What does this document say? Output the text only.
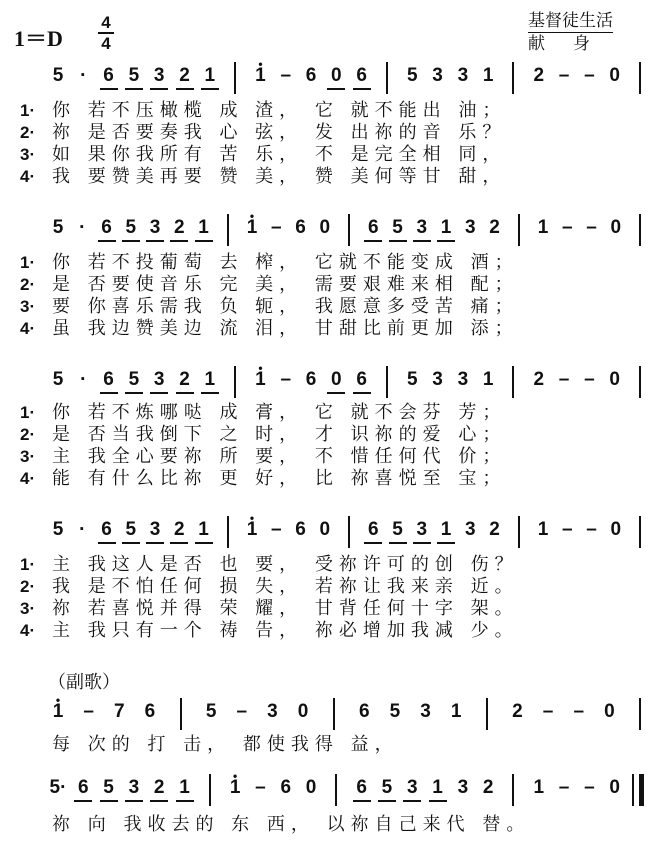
1＝D
4
4
基督徒生活
献身
5 · 6 5 3 2 1 • 1 – 6 0 6 5 3 3 1 2 – – 0
1· 你 若不压橄榄 成 渣， 它 就不能出 油；
2· 祢 是否要奏我 心 弦， 发 出祢的音 乐？
3· 如 果你我所有 苦 乐， 不 是完全相 同，
4· 我 要赞美再要 赞 美， 赞 美何等甘 甜，
5 · 6 5 3 2 1 • 1 – 6 0 6 5 3 1 3 2 1 – – 0
1· 你 若不投葡萄 去 榨， 它就不能变成 酒；
2· 是 否要使音乐 完 美， 需要艰难来相 配；
3· 要 你喜乐需我 负 轭， 我愿意多受苦 痛；
4· 虽 我边赞美边 流 泪， 甘甜比前更加 添；
5 · 6 5 3 2 1 • 1 – 6 0 6 5 3 3 1 2 – – 0
1· 你 若不炼哪哒 成 膏， 它 就不会芬 芳；
2· 是 否当我倒下 之 时， 才 识祢的爱 心；
3· 主 我全心要祢 所 要， 不 惜任何代 价；
4· 能 有什么比祢 更 好， 比 祢喜悦至 宝；
5 · 6 5 3 2 1 • 1 – 6 0 6 5 3 1 3 2 1 – – 0
1· 主 我这人是否 也 要， 受祢许可的创 伤？
2· 我 是不怕任何 损 失， 若祢让我来亲 近。
3· 祢 若喜悦并得 荣 耀， 甘背任何十字 架。
4· 主 我只有一个 祷 告， 祢必增加我减 少。
• 1 – 7 6	5 – 3 0	6 5 3 1	2 – – 0
每 次的 打 击， 都使我得 益，
5· 6 5 3 2 1 • 1 – 6 0 6 5 3 1 3 2 1 – – 0
祢 向 我收去的 东 西， 以祢自己来代 替。
（副歌）
